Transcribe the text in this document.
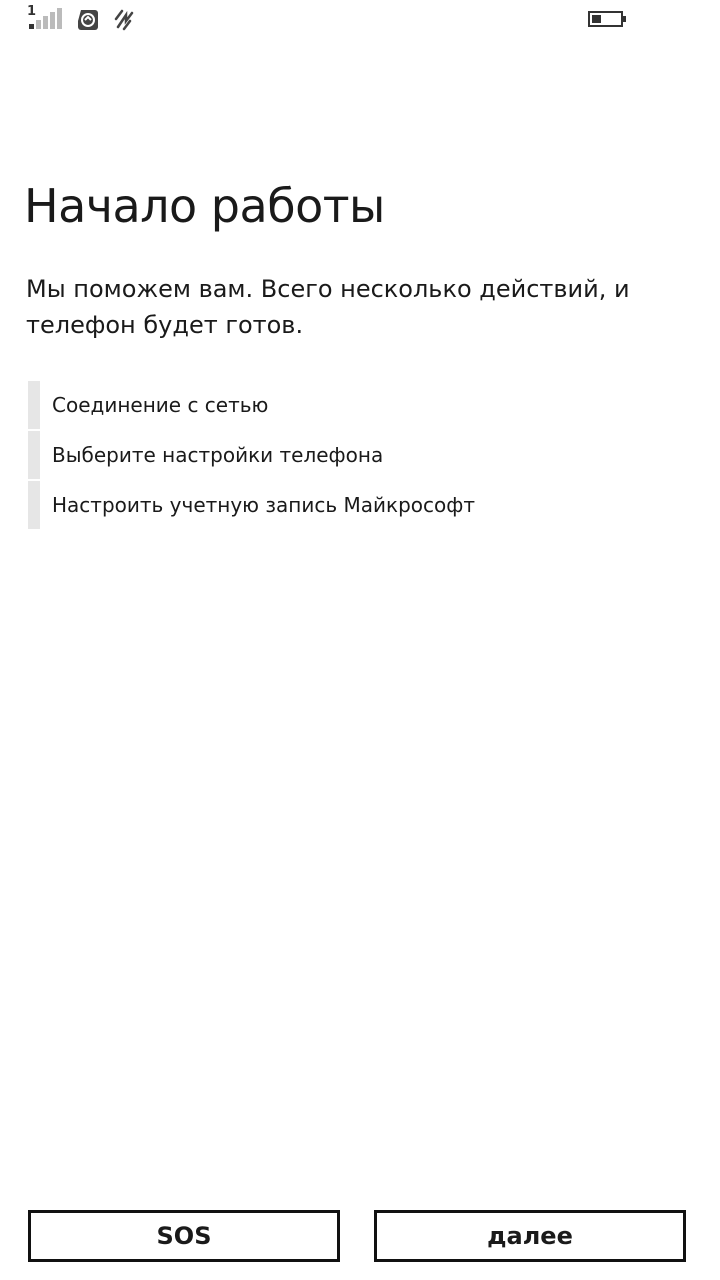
1
Начало работы

Мы поможем вам. Всего несколько действий, и телефон будет готов.

Соединение с сетью
Выберите настройки телефона
Настроить учетную запись Майкрософт
SOS	далее
